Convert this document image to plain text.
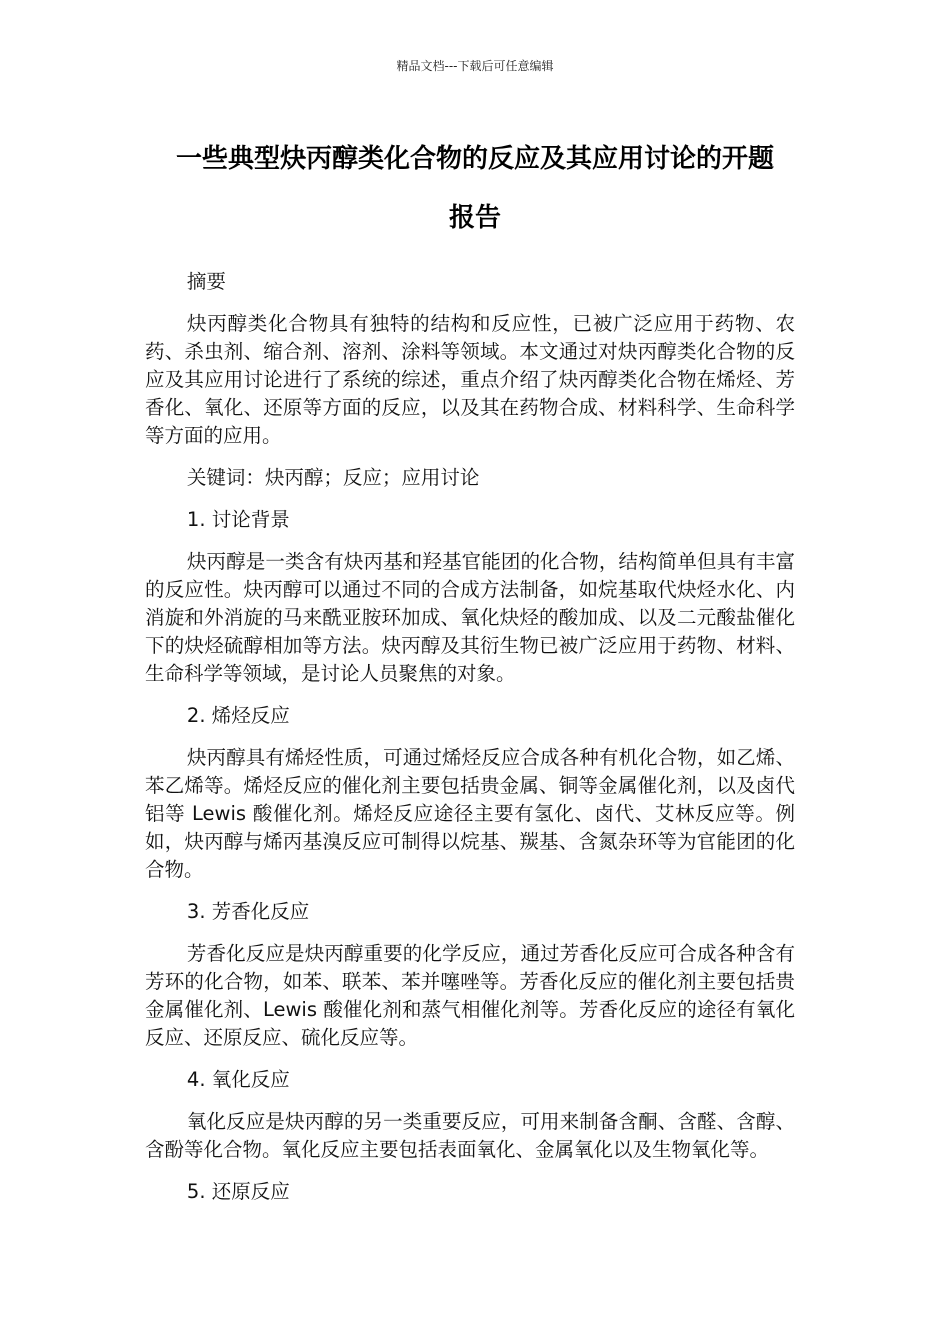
精品文档---下载后可任意编辑
一些典型炔丙醇类化合物的反应及其应用讨论的开题
报告

摘要

炔丙醇类化合物具有独特的结构和反应性，已被广泛应用于药物、农药、杀虫剂、缩合剂、溶剂、涂料等领域。本文通过对炔丙醇类化合物的反应及其应用讨论进行了系统的综述，重点介绍了炔丙醇类化合物在烯烃、芳香化、氧化、还原等方面的反应，以及其在药物合成、材料科学、生命科学等方面的应用。

关键词：炔丙醇；反应；应用讨论

1. 讨论背景

炔丙醇是一类含有炔丙基和羟基官能团的化合物，结构简单但具有丰富的反应性。炔丙醇可以通过不同的合成方法制备，如烷基取代炔烃水化、内消旋和外消旋的马来酰亚胺环加成、氧化炔烃的酸加成、以及二元酸盐催化下的炔烃硫醇相加等方法。炔丙醇及其衍生物已被广泛应用于药物、材料、生命科学等领域，是讨论人员聚焦的对象。

2. 烯烃反应

炔丙醇具有烯烃性质，可通过烯烃反应合成各种有机化合物，如乙烯、苯乙烯等。烯烃反应的催化剂主要包括贵金属、铜等金属催化剂，以及卤代铝等 Lewis 酸催化剂。烯烃反应途径主要有氢化、卤代、艾林反应等。例如，炔丙醇与烯丙基溴反应可制得以烷基、羰基、含氮杂环等为官能团的化合物。

3. 芳香化反应

芳香化反应是炔丙醇重要的化学反应，通过芳香化反应可合成各种含有芳环的化合物，如苯、联苯、苯并噻唑等。芳香化反应的催化剂主要包括贵金属催化剂、Lewis 酸催化剂和蒸气相催化剂等。芳香化反应的途径有氧化反应、还原反应、硫化反应等。

4. 氧化反应

氧化反应是炔丙醇的另一类重要反应，可用来制备含酮、含醛、含醇、含酚等化合物。氧化反应主要包括表面氧化、金属氧化以及生物氧化等。

5. 还原反应
